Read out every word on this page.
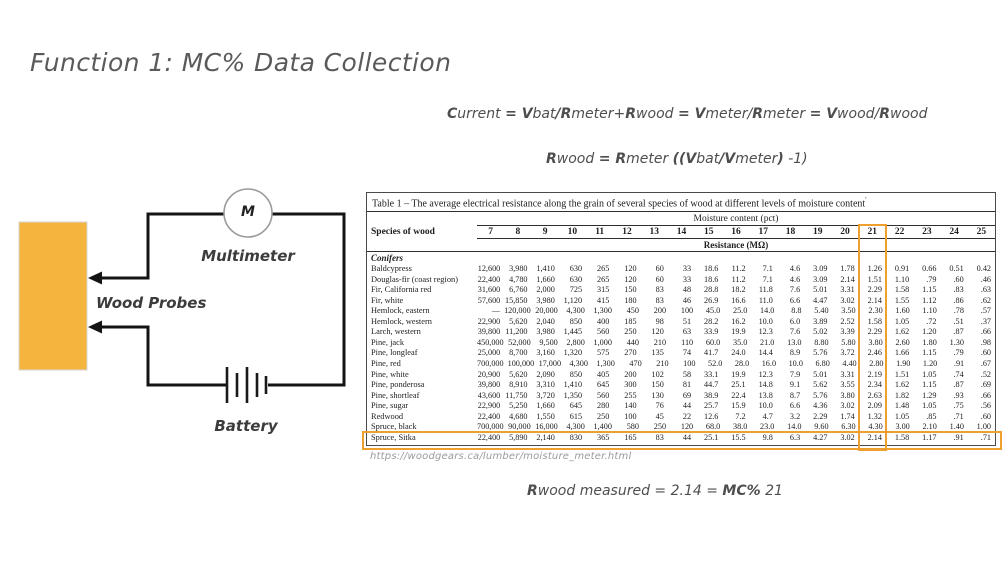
Function 1: MC% Data Collection
Current = Vbat/Rmeter+Rwood = Vmeter/Rmeter = Vwood/Rwood
Rwood = Rmeter ((Vbat/Vmeter) -1)
Rwood measured = 2.14 = MC% 21
M
Multimeter
Wood Probes
Battery
Table 1 – The average electrical resistance along the grain of several species of wood at different levels of moisture content'
Moisture content (pct)
Species of wood	7	8	9	10	11	12	13	14	15	16	17	18	19	20	21	22	23	24	25
Resistance (MΩ)
Conifers
Baldcypress	12,600	3,980	1,410	630	265	120	60	33	18.6	11.2	7.1	4.6	3.09	1.78	1.26	0.91	0.66	0.51	0.42
Douglas-fir (coast region)	22,400	4,780	1,660	630	265	120	60	33	18.6	11.2	7.1	4.6	3.09	2.14	1.51	1.10	.79	.60	.46
Fir, California red	31,600	6,760	2,000	725	315	150	83	48	28.8	18.2	11.8	7.6	5.01	3.31	2.29	1.58	1.15	.83	.63
Fir, white	57,600 15,850	3,980	1,120	415	180	83	46	26.9	16.6	11.0	6.6	4.47	3.02	2.14	1.55	1.12	.86	.62
Hemlock, eastern	— 120,000 20,000	4,300	1,300	450	200	100	45.0	25.0	14.0	8.8	5.40	3.50	2.30	1.60	1.10	.78	.57
Hemlock, western	22,900	5,620	2,040	850	400	185	98	51	28.2	16.2	10.0	6.0	3.89	2.52	1.58	1.05	.72	.51	.37
Larch, western	39,800 11,200	3,980	1,445	560	250	120	63	33.9	19.9	12.3	7.6	5.02	3.39	2.29	1.62	1.20	.87	.66
Pine, jack	450,000 52,000	9,500	2,800	1,000	440	210	110	60.0	35.0	21.0	13.0	8.80	5.80	3.80	2.60	1.80	1.30	.98
Pine, longleaf	25,000	8,700	3,160	1,320	575	270	135	74	41.7	24.0	14.4	8.9	5.76	3.72	2.46	1.66	1.15	.79	.60
Pine, red	700,000 100,000 17,000	4,300	1,300	470	210	100	52.0	28.0	16.0	10.0	6.80	4.40	2.80	1.90	1.20	.91	.67
Pine, white	20,900	5,620	2,090	850	405	200	102	58	33.1	19.9	12.3	7.9	5.01	3.31	2.19	1.51	1.05	.74	.52
Pine, ponderosa	39,800	8,910	3,310	1,410	645	300	150	81	44.7	25.1	14.8	9.1	5.62	3.55	2.34	1.62	1.15	.87	.69
Pine, shortleaf	43,600 11,750	3,720	1,350	560	255	130	69	38.9	22.4	13.8	8.7	5.76	3.80	2.63	1.82	1.29	.93	.66
Pine, sugar	22,900	5,250	1,660	645	280	140	76	44	25.7	15.9	10.0	6.6	4.36	3.02	2.09	1.48	1.05	.75	.56
Redwood	22,400	4,680	1,550	615	250	100	45	22	12.6	7.2	4.7	3.2	2.29	1.74	1.32	1.05	.85	.71	.60
Spruce, black	700,000 90,000 16,000	4,300	1,400	580	250	120	68.0	38.0	23.0	14.0	9.60	6.30	4.30	3.00	2.10	1.40	1.00
Spruce, Sitka	22,400	5,890	2,140	830	365	165	83	44	25.1	15.5	9.8	6.3	4.27	3.02	2.14	1.58	1.17	.91	.71
https://woodgears.ca/lumber/moisture_meter.html
